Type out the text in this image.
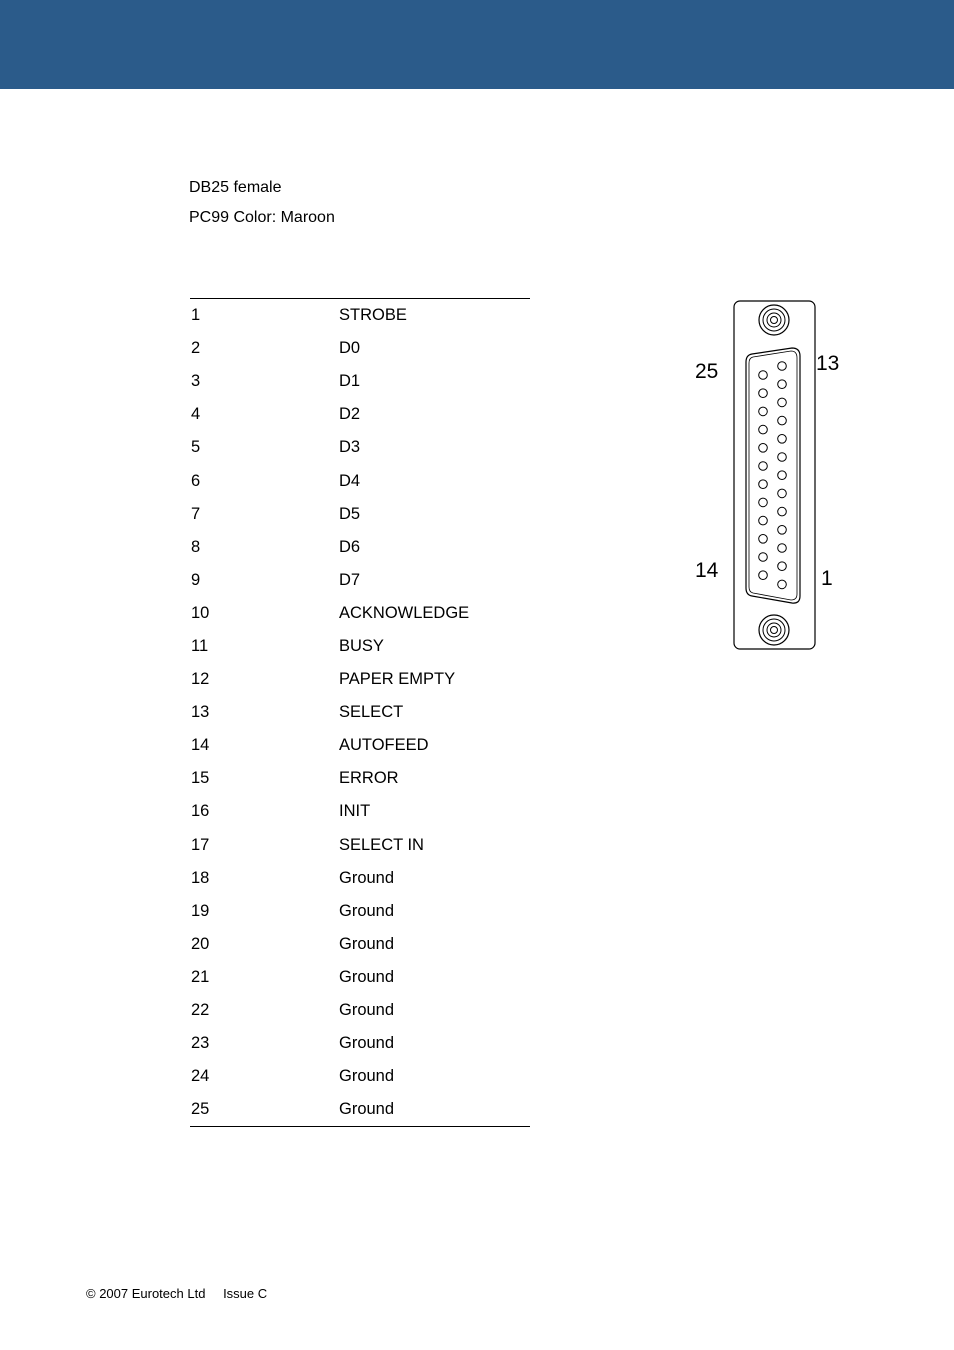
DB25 female
PC99 Color: Maroon
1	STROBE
2	D0
3	D1
4	D2
5	D3
6	D4
7	D5
8	D6
9	D7
10	ACKNOWLEDGE
11	BUSY
12	PAPER EMPTY
13	SELECT
14	AUTOFEED
15	ERROR
16	INIT
17	SELECT IN
18	Ground
19	Ground
20	Ground
21	Ground
22	Ground
23	Ground
24	Ground
25	Ground
25	13
14	1
© 2007 Eurotech Ltd Issue C
